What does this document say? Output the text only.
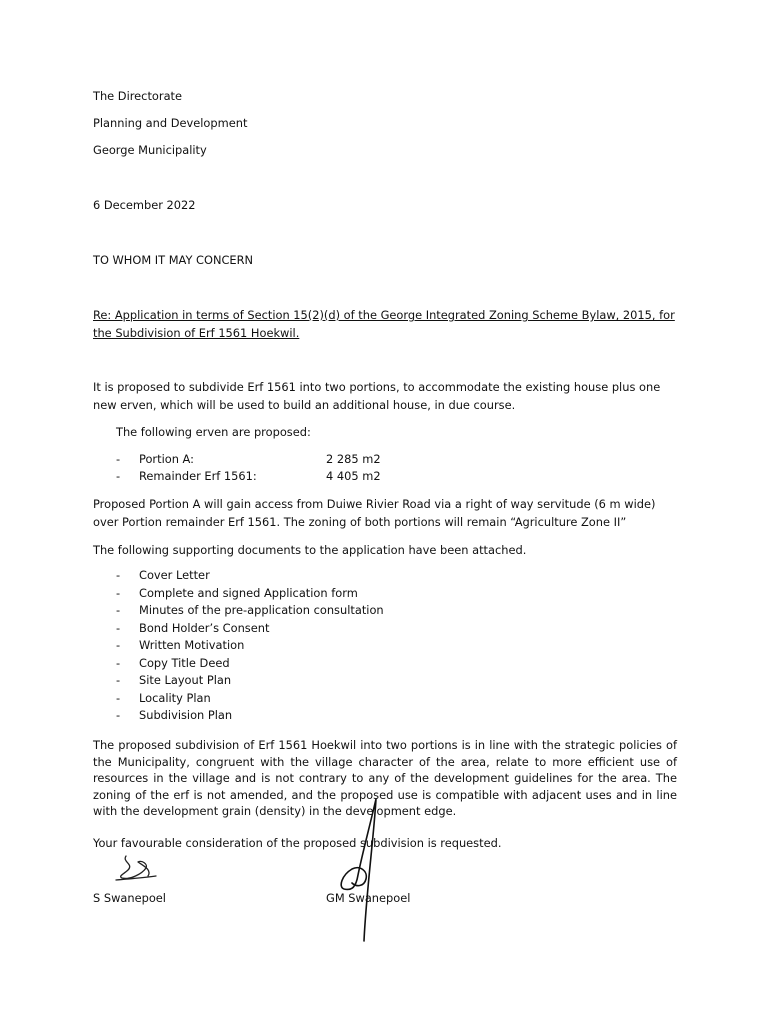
The Directorate
Planning and Development
George Municipality
6 December 2022
TO WHOM IT MAY CONCERN
Re: Application in terms of Section 15(2)(d) of the George Integrated Zoning Scheme Bylaw, 2015, for
the Subdivision of Erf 1561 Hoekwil.
It is proposed to subdivide Erf 1561 into two portions, to accommodate the existing house plus one new erven, which will be used to build an additional house, in due course.
The following erven are proposed:
- Portion A:	2 285 m2
- Remainder Erf 1561:	4 405 m2
Proposed Portion A will gain access from Duiwe Rivier Road via a right of way servitude (6 m wide) over Portion remainder Erf 1561. The zoning of both portions will remain “Agriculture Zone II”
The following supporting documents to the application have been attached.
- Cover Letter
- Complete and signed Application form
- Minutes of the pre-application consultation
- Bond Holder’s Consent
- Written Motivation
- Copy Title Deed
- Site Layout Plan
- Locality Plan
- Subdivision Plan
The proposed subdivision of Erf 1561 Hoekwil into two portions is in line with the strategic policies of the Municipality, congruent with the village character of the area, relate to more efficient use of resources in the village and is not contrary to any of the development guidelines for the area. The zoning of the erf is not amended, and the proposed use is compatible with adjacent uses and in line with the development grain (density) in the development edge.
Your favourable consideration of the proposed subdivision is requested.
S Swanepoel	GM Swanepoel
